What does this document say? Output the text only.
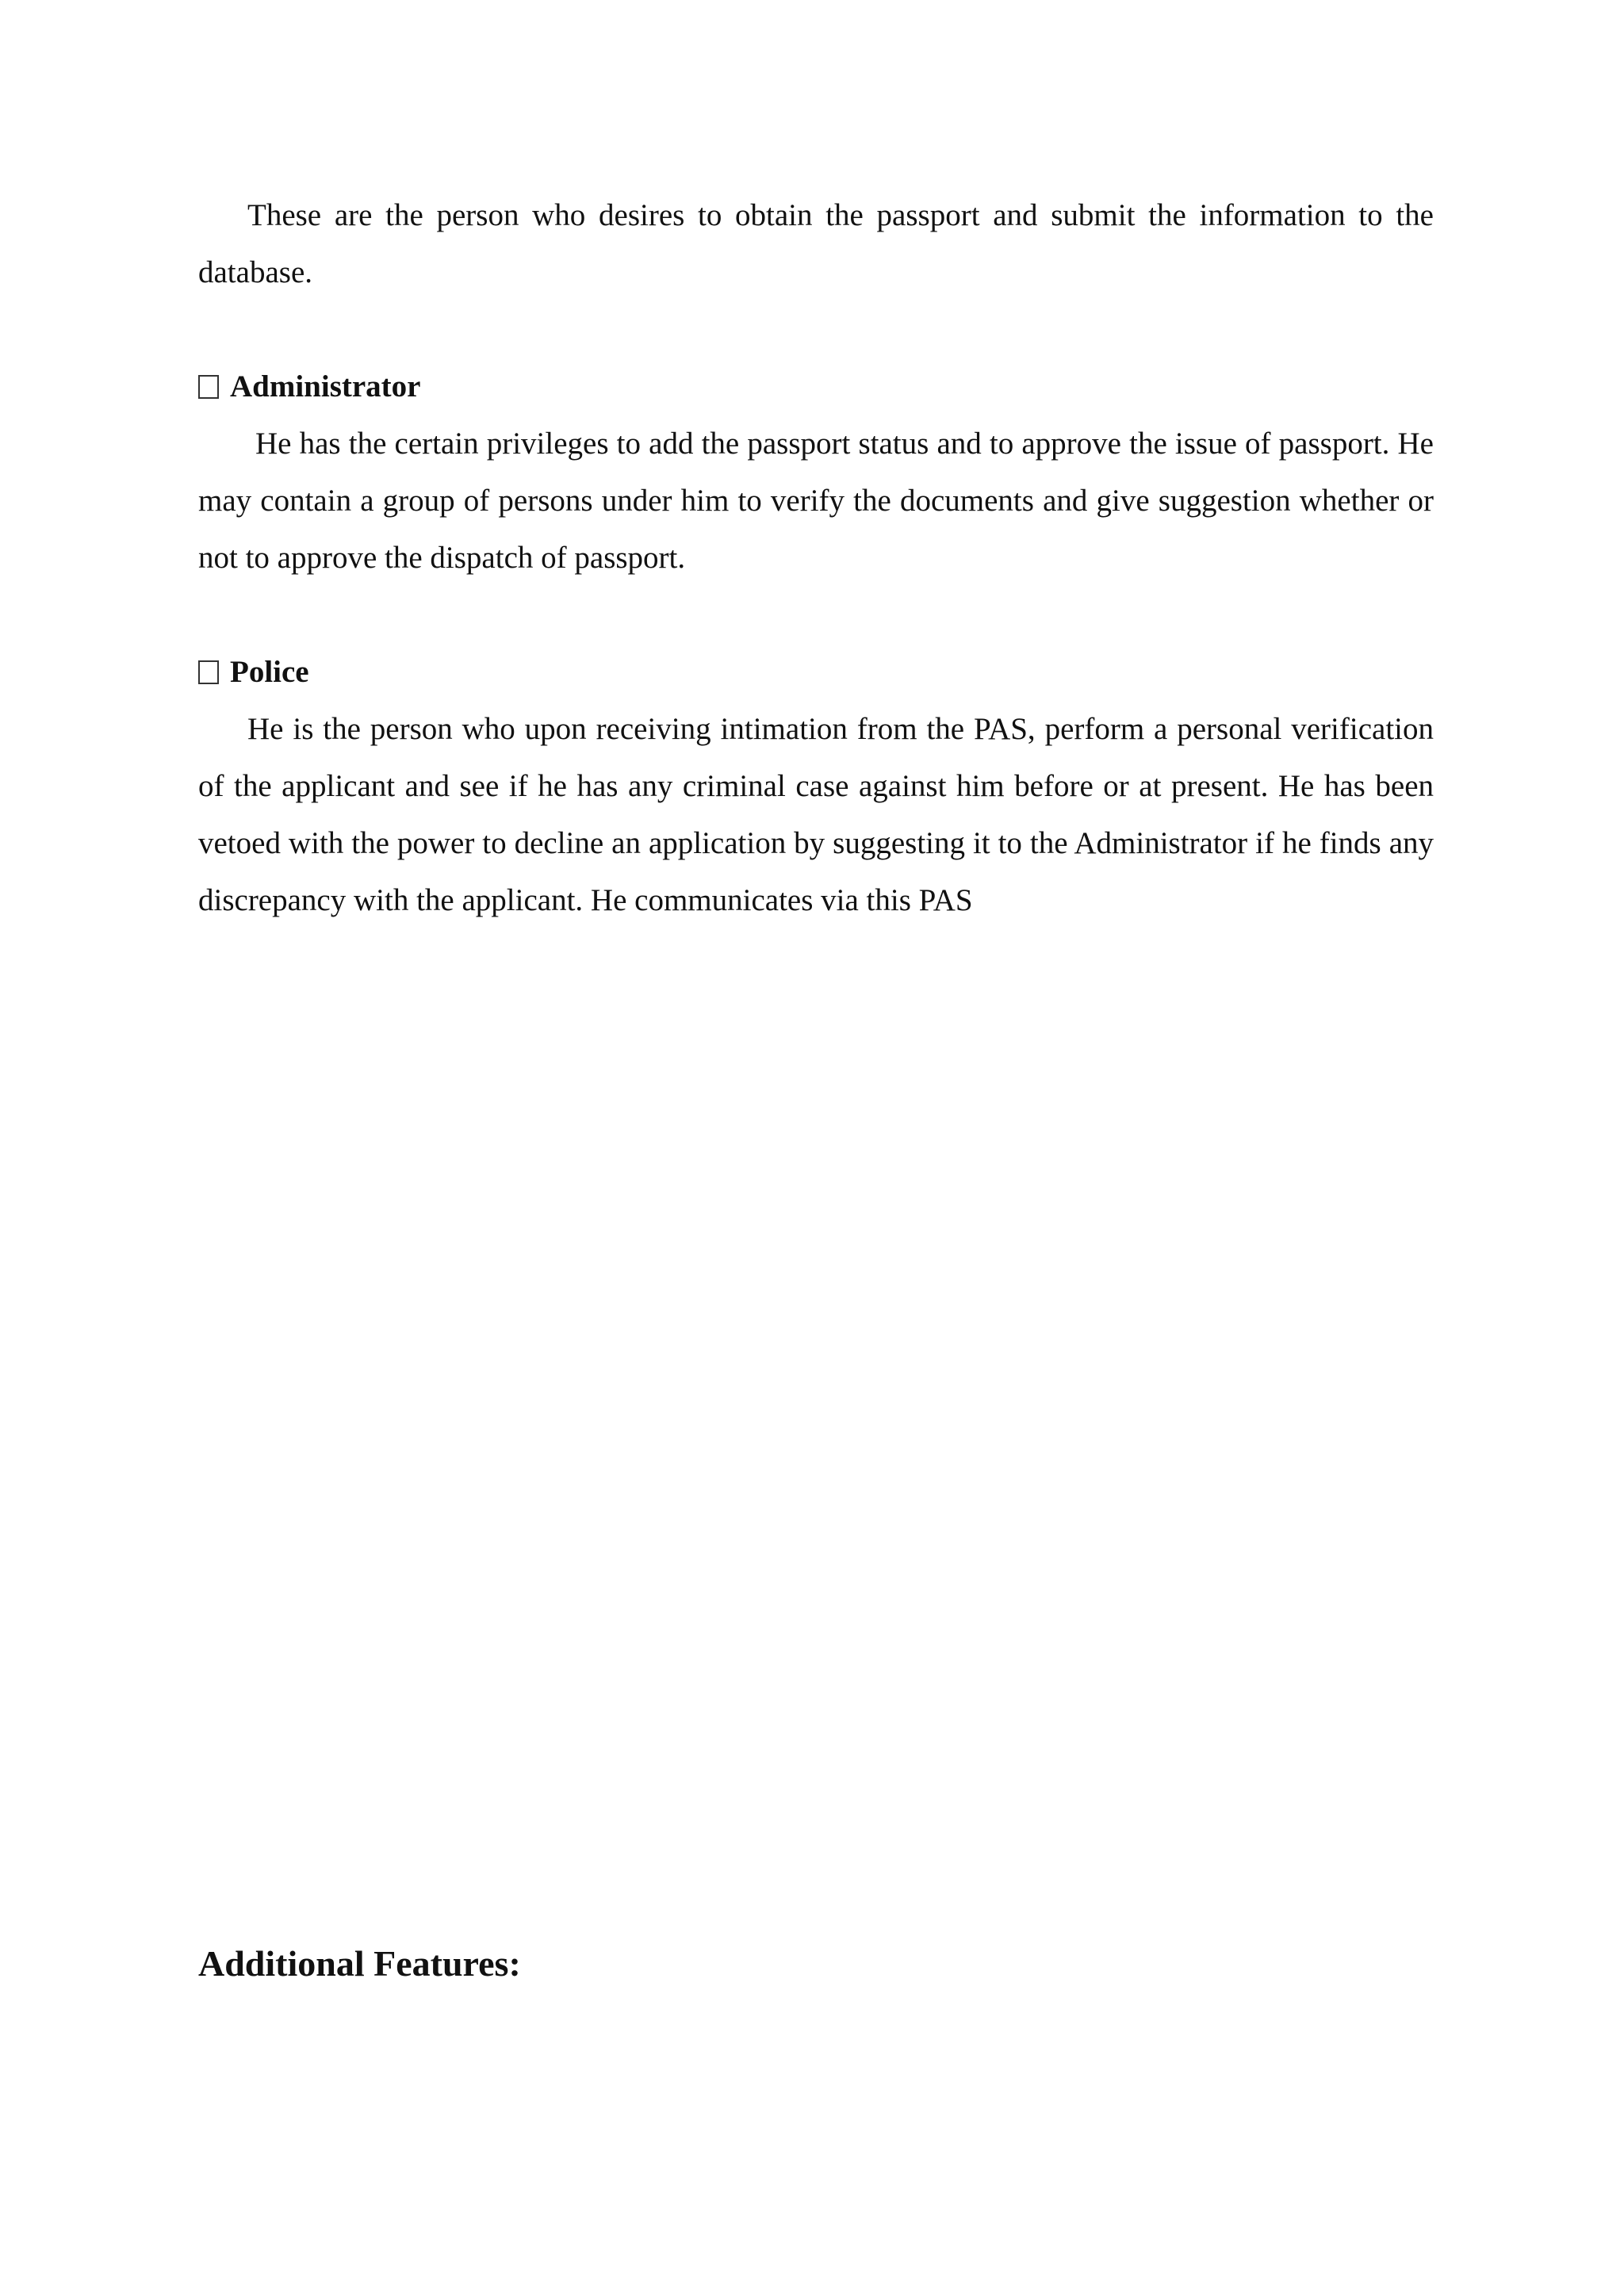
These are the person who desires to obtain the passport and submit the information to the database.

Administrator

He has the certain privileges to add the passport status and to approve the issue of passport. He may contain a group of persons under him to verify the documents and give suggestion whether or not to approve the dispatch of passport.

Police

He is the person who upon receiving intimation from the PAS, perform a personal verification of the applicant and see if he has any criminal case against him before or at present. He has been vetoed with the power to decline an application by suggesting it to the Administrator if he finds any discrepancy with the applicant. He communicates via this PAS

Additional Features:
